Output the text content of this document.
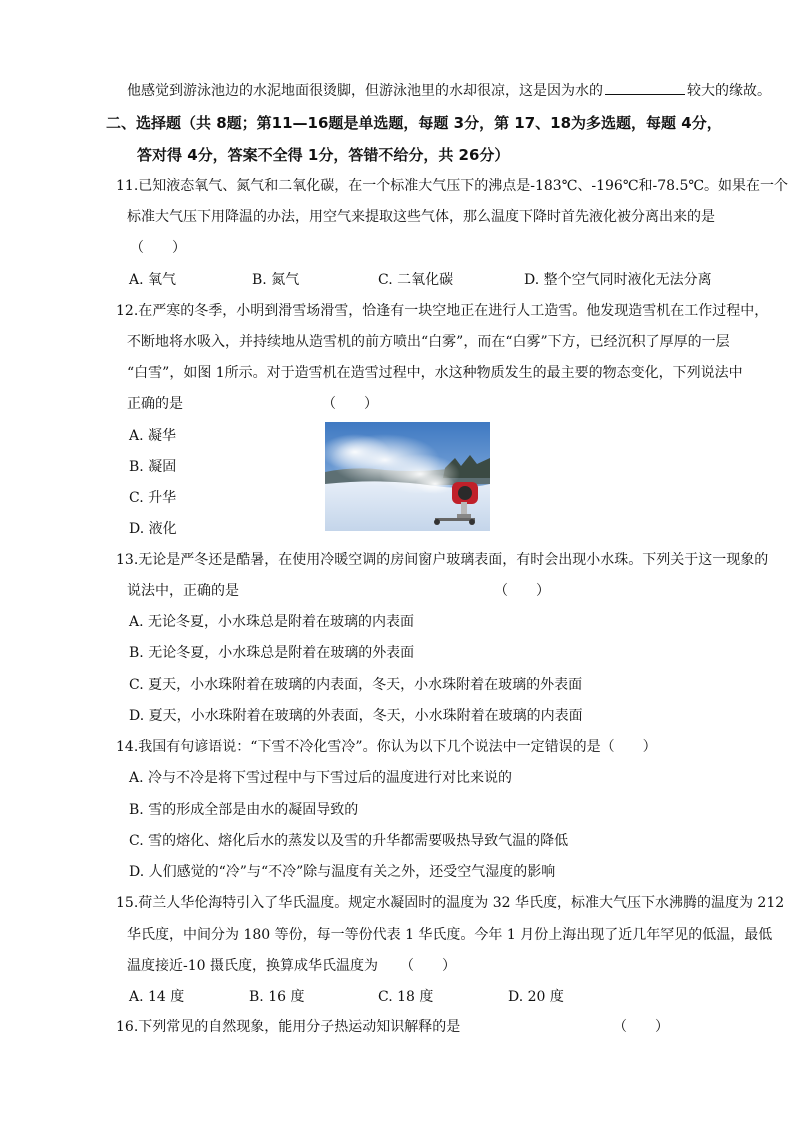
他感觉到游泳池边的水泥地面很烫脚，但游泳池里的水却很凉，这是因为水的	较大的缘故。
二、选择题（共 8题；第11—16题是单选题，每题 3分，第 17、18为多选题，每题 4分，
答对得 4分，答案不全得 1分，答错不给分，共 26分）
11.已知液态氧气、氮气和二氧化碳，在一个标准大气压下的沸点是-183℃、-196℃和-78.5℃。如果在一个
标准大气压下用降温的办法，用空气来提取这些气体，那么温度下降时首先液化被分离出来的是
（　　）
A. 氧气	B. 氮气	C. 二氧化碳	D. 整个空气同时液化无法分离
12.在严寒的冬季，小明到滑雪场滑雪，恰逢有一块空地正在进行人工造雪。他发现造雪机在工作过程中，
不断地将水吸入，并持续地从造雪机的前方喷出“白雾”，而在“白雾”下方，已经沉积了厚厚的一层
“白雪”，如图 1所示。对于造雪机在造雪过程中，水这种物质发生的最主要的物态变化，下列说法中
正确的是	（　　）
A. 凝华
B. 凝固
C. 升华
D. 液化
13.无论是严冬还是酷暑，在使用冷暖空调的房间窗户玻璃表面，有时会出现小水珠。下列关于这一现象的
说法中，正确的是	（　　）
A. 无论冬夏，小水珠总是附着在玻璃的内表面
B. 无论冬夏，小水珠总是附着在玻璃的外表面
C. 夏天，小水珠附着在玻璃的内表面，冬天，小水珠附着在玻璃的外表面
D. 夏天，小水珠附着在玻璃的外表面，冬天，小水珠附着在玻璃的内表面
14.我国有句谚语说：“下雪不冷化雪冷”。你认为以下几个说法中一定错误的是（　　）
A. 冷与不冷是将下雪过程中与下雪过后的温度进行对比来说的
B. 雪的形成全部是由水的凝固导致的
C. 雪的熔化、熔化后水的蒸发以及雪的升华都需要吸热导致气温的降低
D. 人们感觉的“冷”与“不冷”除与温度有关之外，还受空气湿度的影响
15.荷兰人华伦海特引入了华氏温度。规定水凝固时的温度为 32 华氏度，标准大气压下水沸腾的温度为 212
华氏度，中间分为 180 等份，每一等份代表 1 华氏度。今年 1 月份上海出现了近几年罕见的低温，最低
温度接近-10 摄氏度，换算成华氏温度为 （　　）
A. 14 度	B. 16 度	C. 18 度	D. 20 度
16.下列常见的自然现象，能用分子热运动知识解释的是	（　　）
